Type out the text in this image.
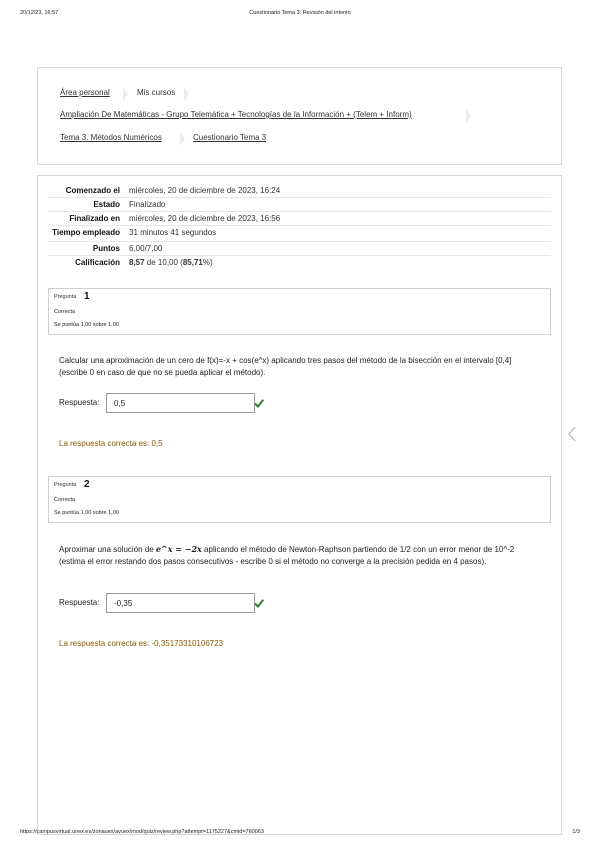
20/12/23, 16:57	Cuestionario Tema 3: Revisión del intento
Área personal	Mis cursos
Ampliación De Matemáticas - Grupo Telemática + Tecnologías de la Información + (Telem + Inform)
Tema 3. Métodos Numéricos	Cuestionario Tema 3
Comenzado el	miércoles, 20 de diciembre de 2023, 16:24
Estado	Finalizado
Finalizado en	miércoles, 20 de diciembre de 2023, 16:56
Tiempo empleado	31 minutos 41 segundos
Puntos	6,00/7,00
Calificación	8,57 de 10,00 (85,71%)
Pregunta 1
Correcta
Se puntúa 1,00 sobre 1,00
Calcular una aproximación de un cero de f(x)=-x + cos(e^x) aplicando tres pasos del método de la bisección en el intervalo [0,4] (escribe 0 en caso de que no se pueda aplicar el método).
Respuesta:	0,5
La respuesta correcta es: 0,5
Pregunta 2
Correcta
Se puntúa 1,00 sobre 1,00
Aproximar una solución de e^x = −2x aplicando el método de Newton-Raphson partiendo de 1/2 con un error menor de 10^-2 (estima el error restando dos pasos consecutivos - escribe 0 si el método no converge a la precisión pedida en 4 pasos).
Respuesta:	-0,35
La respuesta correcta es: -0,35173310106723
https://campusvirtual.unex.es/zonauex/avuex/mod/quiz/review.php?attempt=1175227&cmid=760063	1/3
